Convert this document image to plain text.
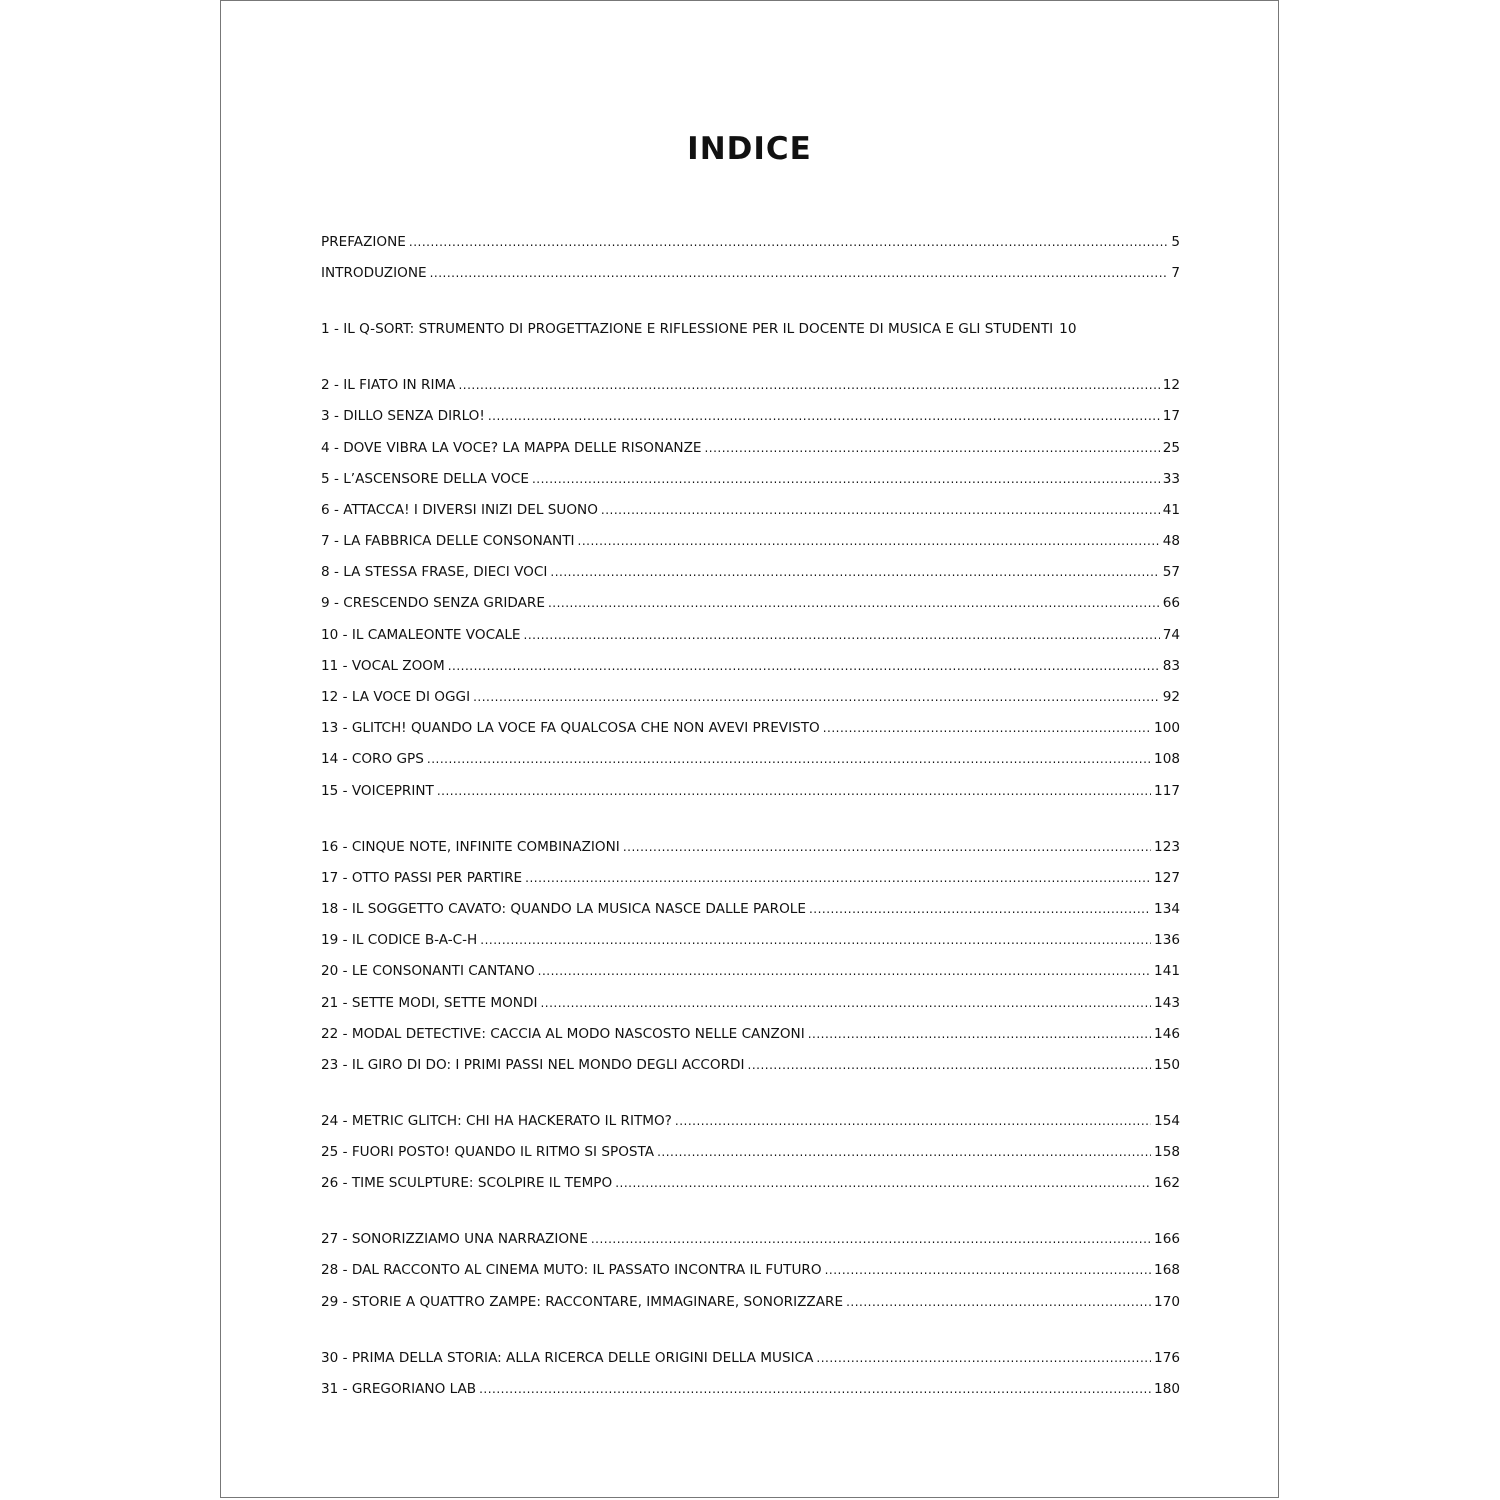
INDICE
PREFAZIONE .....	5
INTRODUZIONE .....	7
1 - IL Q-SORT: STRUMENTO DI PROGETTAZIONE E RIFLESSIONE PER IL DOCENTE DI MUSICA E GLI STUDENTI 10
2 - IL FIATO IN RIMA .....	12
3 - DILLO SENZA DIRLO! .....	17
4 - DOVE VIBRA LA VOCE? LA MAPPA DELLE RISONANZE .....	25
5 - L’ASCENSORE DELLA VOCE .....	33
6 - ATTACCA! I DIVERSI INIZI DEL SUONO .....	41
7 - LA FABBRICA DELLE CONSONANTI .....	48
8 - LA STESSA FRASE, DIECI VOCI .....	57
9 - CRESCENDO SENZA GRIDARE .....	66
10 - IL CAMALEONTE VOCALE .....	74
11 - VOCAL ZOOM .....	83
12 - LA VOCE DI OGGI .....	92
13 - GLITCH! QUANDO LA VOCE FA QUALCOSA CHE NON AVEVI PREVISTO .....	100
14 - CORO GPS .....	108
15 - VOICEPRINT .....	117
16 - CINQUE NOTE, INFINITE COMBINAZIONI .....	123
17 - OTTO PASSI PER PARTIRE .....	127
18 - IL SOGGETTO CAVATO: QUANDO LA MUSICA NASCE DALLE PAROLE .....	134
19 - IL CODICE B-A-C-H .....	136
20 - LE CONSONANTI CANTANO .....	141
21 - SETTE MODI, SETTE MONDI .....	143
22 - MODAL DETECTIVE: CACCIA AL MODO NASCOSTO NELLE CANZONI .....	146
23 - IL GIRO DI DO: I PRIMI PASSI NEL MONDO DEGLI ACCORDI .....	150
24 - METRIC GLITCH: CHI HA HACKERATO IL RITMO? .....	154
25 - FUORI POSTO! QUANDO IL RITMO SI SPOSTA .....	158
26 - TIME SCULPTURE: SCOLPIRE IL TEMPO .....	162
27 - SONORIZZIAMO UNA NARRAZIONE .....	166
28 - DAL RACCONTO AL CINEMA MUTO: IL PASSATO INCONTRA IL FUTURO .....	168
29 - STORIE A QUATTRO ZAMPE: RACCONTARE, IMMAGINARE, SONORIZZARE .....	170
30 - PRIMA DELLA STORIA: ALLA RICERCA DELLE ORIGINI DELLA MUSICA .....	176
31 - GREGORIANO LAB .....	180
